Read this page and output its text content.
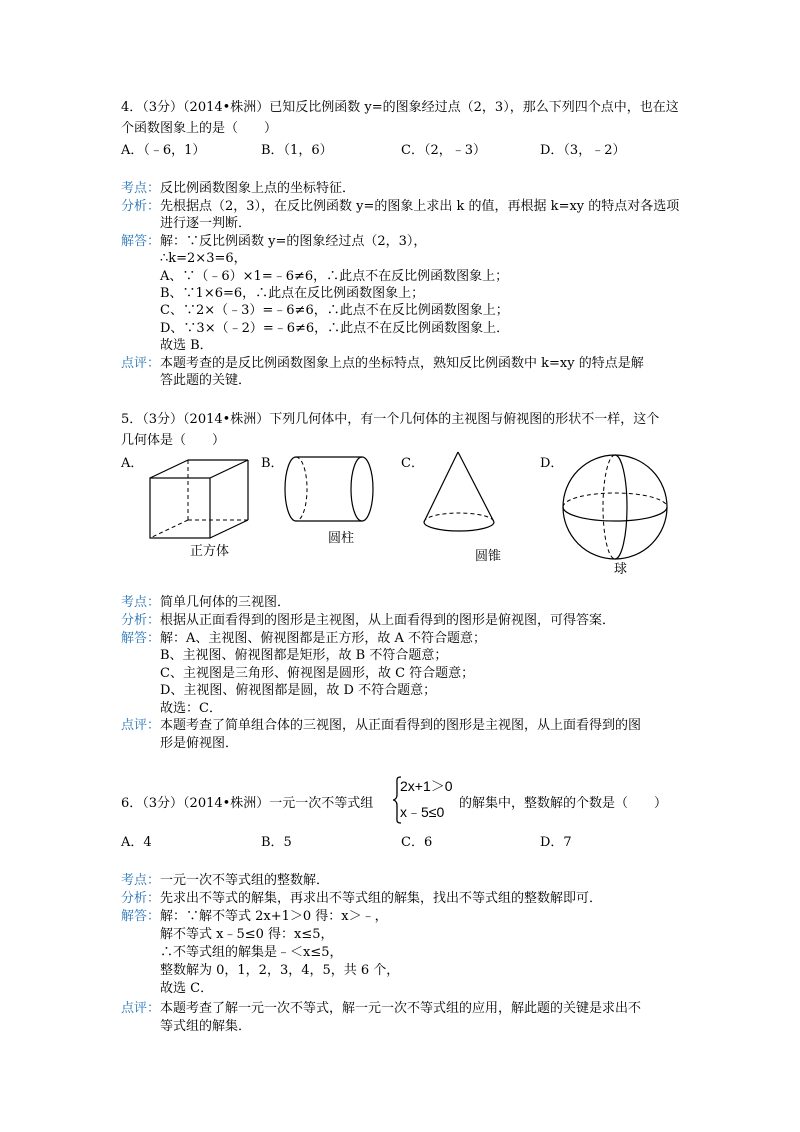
4．（3分）（2014•株洲）已知反比例函数 y=的图象经过点（2，3），那么下列四个点中，也在这
个函数图象上的是（　　）
A．（﹣6，1）	B．（1，6）	C．（2，﹣3）	D．（3，﹣2）
考点： 反比例函数图象上点的坐标特征．
分析： 先根据点（2，3），在反比例函数 y=的图象上求出 k 的值，再根据 k=xy 的特点对各选项
进行逐一判断．
解答： 解：∵反比例函数 y=的图象经过点（2，3），
∴k=2×3=6，
A、∵（﹣6）×1=﹣6≠6，∴此点不在反比例函数图象上；
B、∵1×6=6，∴此点在反比例函数图象上；
C、∵2×（﹣3）=﹣6≠6，∴此点不在反比例函数图象上；
D、∵3×（﹣2）=﹣6≠6，∴此点不在反比例函数图象上．
故选 B．
点评： 本题考查的是反比例函数图象上点的坐标特点，熟知反比例函数中 k=xy 的特点是解
答此题的关键．
5．（3分）（2014•株洲）下列几何体中，有一个几何体的主视图与俯视图的形状不一样，这个
几何体是（　　）
A．	B．	C．	D．
正方体
圆柱
圆锥
球
考点： 简单几何体的三视图．
分析： 根据从正面看得到的图形是主视图，从上面看得到的图形是俯视图，可得答案．
解答： 解：A、主视图、俯视图都是正方形，故 A 不符合题意；
B、主视图、俯视图都是矩形，故 B 不符合题意；
C、主视图是三角形、俯视图是圆形，故 C 符合题意；
D、主视图、俯视图都是圆，故 D 不符合题意；
故选：C．
点评： 本题考查了简单组合体的三视图，从正面看得到的图形是主视图，从上面看得到的图
形是俯视图．
6．（3分）（2014•株洲）一元一次不等式组
2x+1＞0
x﹣5≤0
的解集中，整数解的个数是（　　）
A．4	B．5	C．6	D．7
考点： 一元一次不等式组的整数解．
分析： 先求出不等式的解集，再求出不等式组的解集，找出不等式组的整数解即可．
解答： 解：∵解不等式 2x+1＞0 得：x＞﹣，
解不等式 x﹣5≤0 得：x≤5，
∴不等式组的解集是﹣＜x≤5，
整数解为 0，1，2，3，4，5，共 6 个，
故选 C．
点评： 本题考查了解一元一次不等式，解一元一次不等式组的应用，解此题的关键是求出不
等式组的解集．
